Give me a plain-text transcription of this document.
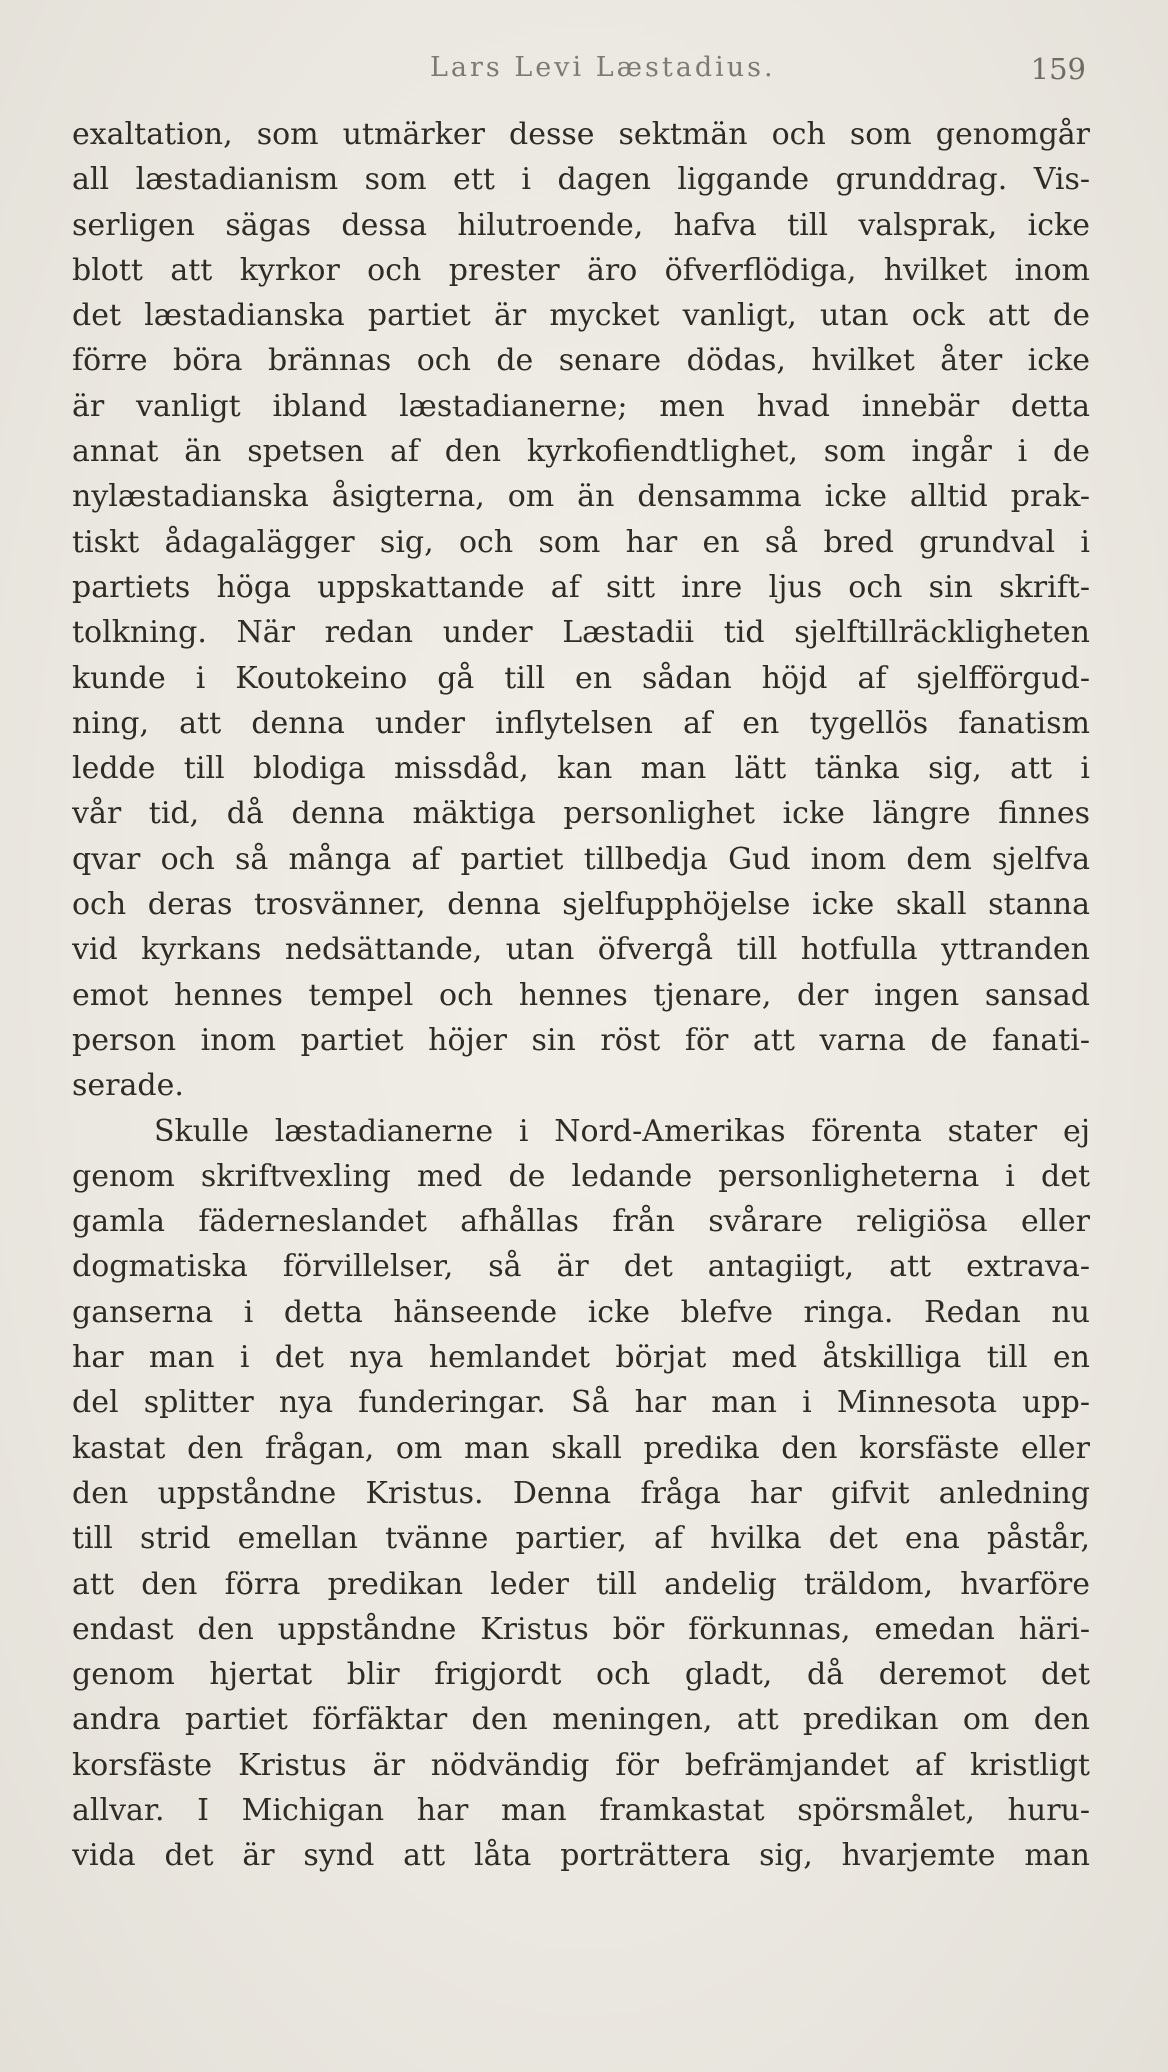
Lars Levi Læstadius.	159
exaltation, som utmärker desse sektmän och som genomgår
all læstadianism som ett i dagen liggande grunddrag. Vis-
serligen sägas dessa hilutroende, hafva till valsprak, icke
blott att kyrkor och prester äro öfverflödiga, hvilket inom
det læstadianska partiet är mycket vanligt, utan ock att de
förre böra brännas och de senare dödas, hvilket åter icke
är vanligt ibland læstadianerne; men hvad innebär detta
annat än spetsen af den kyrkofiendtlighet, som ingår i de
nylæstadianska åsigterna, om än densamma icke alltid prak-
tiskt ådagalägger sig, och som har en så bred grundval i
partiets höga uppskattande af sitt inre ljus och sin skrift-
tolkning. När redan under Læstadii tid sjelftillräckligheten
kunde i Koutokeino gå till en sådan höjd af sjelfförgud-
ning, att denna under inflytelsen af en tygellös fanatism
ledde till blodiga missdåd, kan man lätt tänka sig, att i
vår tid, då denna mäktiga personlighet icke längre finnes
qvar och så många af partiet tillbedja Gud inom dem sjelfva
och deras trosvänner, denna sjelfupphöjelse icke skall stanna
vid kyrkans nedsättande, utan öfvergå till hotfulla yttranden
emot hennes tempel och hennes tjenare, der ingen sansad
person inom partiet höjer sin röst för att varna de fanati-
serade.
Skulle læstadianerne i Nord-Amerikas förenta stater ej
genom skriftvexling med de ledande personligheterna i det
gamla fäderneslandet afhållas från svårare religiösa eller
dogmatiska förvillelser, så är det antagiigt, att extrava-
ganserna i detta hänseende icke blefve ringa. Redan nu
har man i det nya hemlandet börjat med åtskilliga till en
del splitter nya funderingar. Så har man i Minnesota upp-
kastat den frågan, om man skall predika den korsfäste eller
den uppståndne Kristus. Denna fråga har gifvit anledning
till strid emellan tvänne partier, af hvilka det ena påstår,
att den förra predikan leder till andelig träldom, hvarföre
endast den uppståndne Kristus bör förkunnas, emedan häri-
genom hjertat blir frigjordt och gladt, då deremot det
andra partiet förfäktar den meningen, att predikan om den
korsfäste Kristus är nödvändig för befrämjandet af kristligt
allvar. I Michigan har man framkastat spörsmålet, huru-
vida det är synd att låta porträttera sig, hvarjemte man
